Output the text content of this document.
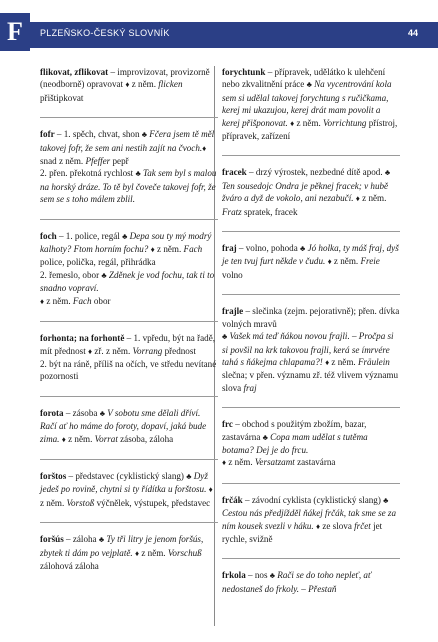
PLZEŇSKO-ČESKÝ SLOVNÍK	44
F
flikovat, zflikovat – improvizovat, provizorně (neodborně) opravovat ♦ z něm. flicken přištipkovat
fofr – 1. spěch, chvat, shon ♣ Fčera jsem tě měl takovej fofr, že sem ani nestih zajít na čvoch.♦ snad z něm. Pfeffer pepř
2. přen. překotná rychlost ♣ Tak sem byl s malou na horský dráze. To tě byl čoveče takovej fofr, že sem se s toho málem zblil.
foch – 1. police, regál ♣ Depa sou ty mý modrý kalhoty? Ftom horním fochu? ♦ z něm. Fach police, polička, regál, přihrádka
2. řemeslo, obor ♣ Zděnek je vod fochu, tak ti to snadno vopraví.
♦ z něm. Fach obor
forhonta; na forhontě – 1. vpředu, být na řadě, mít přednost ♦ zř. z něm. Vorrang přednost
2. být na ráně, příliš na očích, ve středu nevítané pozornosti
forota – zásoba ♣ V sobotu sme dělali dříví. Račí ať ho máme do foroty, dopaví, jaká bude zima. ♦ z něm. Vorrat zásoba, záloha
forštos – představec (cyklistický slang) ♣ Dyž jedeš po rovině, chytni si ty řídítka u forštosu. ♦ z něm. Vorstoß výčnělek, výstupek, představec
foršús – záloha ♣ Ty tři litry je jenom foršús, zbytek ti dám po vejplatě. ♦ z něm. Vorschuß zálohová záloha
forychtunk – přípravek, udělátko k ulehčení nebo zkvalitnění práce ♣ Na vycentrování kola sem si udělal takovej forychtung s ručičkama, kerej mi ukazujou, kerej drát mam povolit a kerej přišponovat. ♦ z něm. Vorrichtung přístroj, přípravek, zařízení
fracek – drzý výrostek, nezbedné dítě apod. ♣ Ten sousedojc Ondra je pěknej fracek; v hubě žváro a dyž de vokolo, ani nezabučí. ♦ z něm. Fratz spratek, fracek
fraj – volno, pohoda ♣ Jó holka, ty máš fraj, dyš je ten tvuj furt někde v čudu. ♦ z něm. Freie volno
frajle – slečinka (zejm. pejorativně); přen. dívka volných mravů
♣ Vašek má teď ňákou novou frajli. – Pročpa si si povšil na krk takovou frajli, kerá se ímrvére tahá s ňákejma chlapama?! ♦ z něm. Fräulein slečna; v přen. významu zř. též vlivem významu slova fraj
frc – obchod s použitým zbožím, bazar, zastavárna ♣ Copa mam udělat s tutěma botama? Dej je do frcu.
♦ z něm. Versatzamt zastavárna
frčák – závodní cyklista (cyklistický slang) ♣ Cestou nás předjížděl ňákej frčák, tak sme se za ním kousek svezli v háku. ♦ ze slova frčet jet rychle, svižně
frkola – nos ♣ Rači se do toho nepleť, ať nedostaneš do frkoly. – Přestaň
